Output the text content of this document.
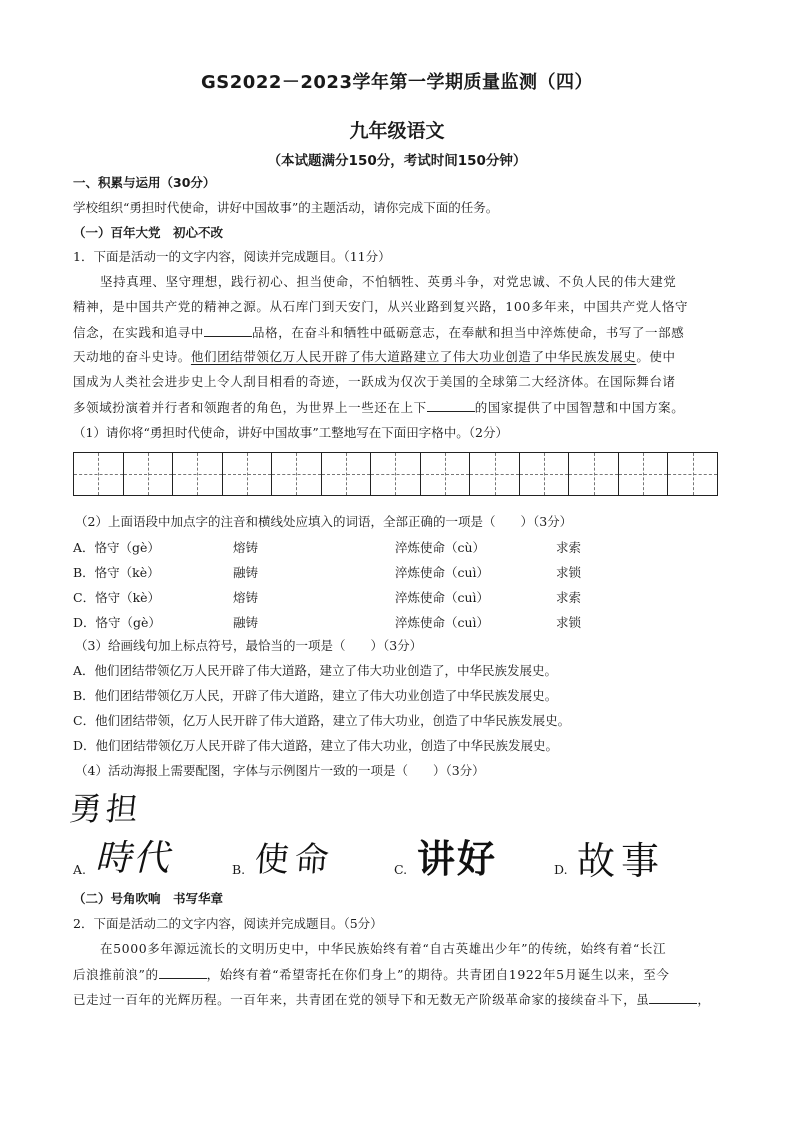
GS2022－2023学年第一学期质量监测（四）
九年级语文
（本试题满分150分，考试时间150分钟）
一、积累与运用（30分）
学校组织“勇担时代使命，讲好中国故事”的主题活动，请你完成下面的任务。
（一）百年大党　初心不改
1．下面是活动一的文字内容，阅读并完成题目。（11分）
坚持真理、坚守理想，践行初心、担当使命，不怕牺牲、英勇斗争，对党忠诚、不负人民的伟大建党
精神，是中国共产党的精神之源。从石库门到天安门，从兴业路到复兴路，100多年来，中国共产党人恪守
信念，在实践和追寻中	品格，在奋斗和牺牲中砥砺意志，在奉献和担当中淬炼使命，书写了一部感
天动地的奋斗史诗。他们团结带领亿万人民开辟了伟大道路建立了伟大功业创造了中华民族发展史。使中
国成为人类社会进步史上令人刮目相看的奇迹，一跃成为仅次于美国的全球第二大经济体。在国际舞台诸
多领域扮演着并行者和领跑者的角色，为世界上一些还在上下	的国家提供了中国智慧和中国方案。
（1）请你将“勇担时代使命，讲好中国故事”工整地写在下面田字格中。（2分）
（2）上面语段中加点字的注音和横线处应填入的词语，全部正确的一项是（　　）（3分）
A．恪守（gè）	熔铸	淬炼使命（cù）	求索
B．恪守（kè）	融铸	淬炼使命（cuì）	求锁
C．恪守（kè）	熔铸	淬炼使命（cuì）	求索
D．恪守（gè）	融铸	淬炼使命（cuì）	求锁
（3）给画线句加上标点符号，最恰当的一项是（　　）（3分）
A．他们团结带领亿万人民开辟了伟大道路，建立了伟大功业创造了，中华民族发展史。
B．他们团结带领亿万人民，开辟了伟大道路，建立了伟大功业创造了中华民族发展史。
C．他们团结带领，亿万人民开辟了伟大道路，建立了伟大功业，创造了中华民族发展史。
D．他们团结带领亿万人民开辟了伟大道路，建立了伟大功业，创造了中华民族发展史。
（4）活动海报上需要配图，字体与示例图片一致的一项是（　　）（3分）
勇担
A. 時代	B. 使命	C. 讲好	D. 故事
（二）号角吹响　书写华章
2．下面是活动二的文字内容，阅读并完成题目。（5分）
在5000多年源远流长的文明历史中，中华民族始终有着“自古英雄出少年”的传统，始终有着“长江
后浪推前浪”的	，始终有着“希望寄托在你们身上”的期待。共青团自1922年5月诞生以来，至今
已走过一百年的光辉历程。一百年来，共青团在党的领导下和无数无产阶级革命家的接续奋斗下，虽	，
